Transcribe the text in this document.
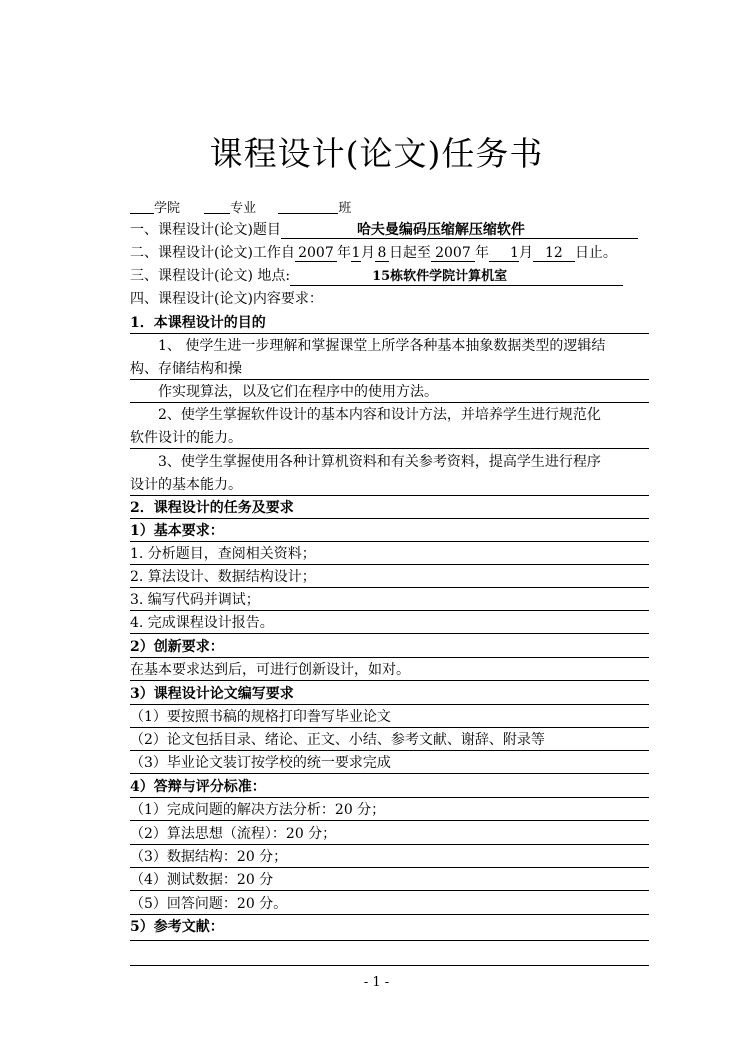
课程设计(论文)任务书
学院	专业	班
一、课程设计(论文)题目	哈夫曼编码压缩解压缩软件
二、课程设计(论文)工作自 2007 年1月 8 日起至 2007 年 1月 12 日止。
三、课程设计(论文) 地点:	15栋软件学院计算机室
四、课程设计(论文)内容要求：
1．本课程设计的目的
1、 使学生进一步理解和掌握课堂上所学各种基本抽象数据类型的逻辑结
构、存储结构和操
作实现算法，以及它们在程序中的使用方法。
2、使学生掌握软件设计的基本内容和设计方法，并培养学生进行规范化
软件设计的能力。
3、使学生掌握使用各种计算机资料和有关参考资料，提高学生进行程序
设计的基本能力。
2．课程设计的任务及要求
1）基本要求：
1. 分析题目，查阅相关资料；
2. 算法设计、数据结构设计；
3. 编写代码并调试；
4. 完成课程设计报告。
2）创新要求：
在基本要求达到后，可进行创新设计，如对。
3）课程设计论文编写要求
（1）要按照书稿的规格打印誊写毕业论文
（2）论文包括目录、绪论、正文、小结、参考文献、谢辞、附录等
（3）毕业论文装订按学校的统一要求完成
4）答辩与评分标准：
（1）完成问题的解决方法分析：20 分；
（2）算法思想（流程）：20 分；
（3）数据结构：20 分；
（4）测试数据：20 分
（5）回答问题：20 分。
5）参考文献：
- 1 -
